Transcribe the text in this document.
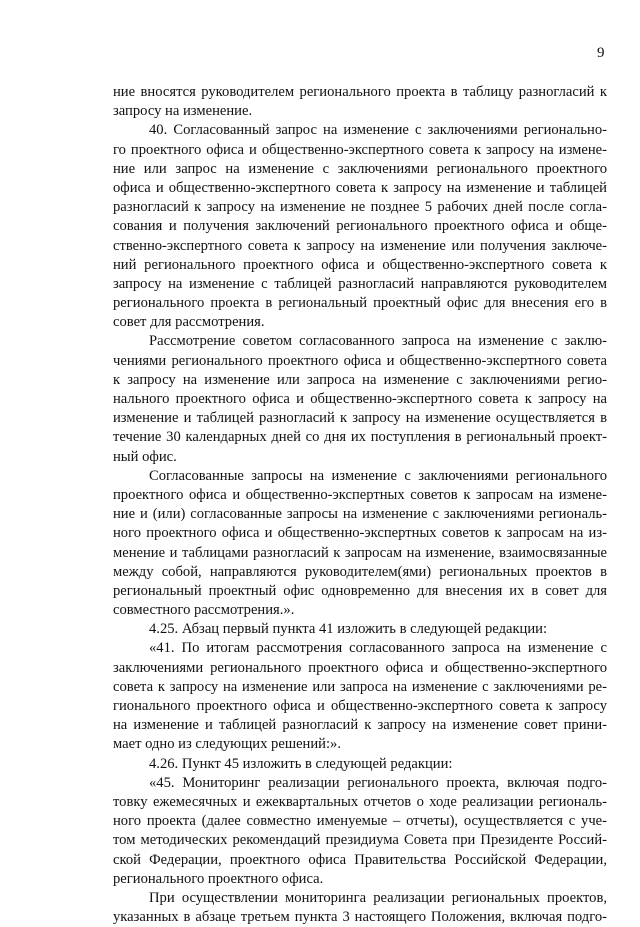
9
ние вносятся руководителем регионального проекта в таблицу разногласий к
запросу на изменение.
40. Согласованный запрос на изменение с заключениями регионально-
го проектного офиса и общественно-экспертного совета к запросу на измене-
ние или запрос на изменение с заключениями регионального проектного
офиса и общественно-экспертного совета к запросу на изменение и таблицей
разногласий к запросу на изменение не позднее 5 рабочих дней после согла-
сования и получения заключений регионального проектного офиса и обще-
ственно-экспертного совета к запросу на изменение или получения заключе-
ний регионального проектного офиса и общественно-экспертного совета к
запросу на изменение с таблицей разногласий направляются руководителем
регионального проекта в региональный проектный офис для внесения его в
совет для рассмотрения.
Рассмотрение советом согласованного запроса на изменение с заклю-
чениями регионального проектного офиса и общественно-экспертного совета
к запросу на изменение или запроса на изменение с заключениями регио-
нального проектного офиса и общественно-экспертного совета к запросу на
изменение и таблицей разногласий к запросу на изменение осуществляется в
течение 30 календарных дней со дня их поступления в региональный проект-
ный офис.
Согласованные запросы на изменение с заключениями регионального
проектного офиса и общественно-экспертных советов к запросам на измене-
ние и (или) согласованные запросы на изменение с заключениями региональ-
ного проектного офиса и общественно-экспертных советов к запросам на из-
менение и таблицами разногласий к запросам на изменение, взаимосвязанные
между собой, направляются руководителем(ями) региональных проектов в
региональный проектный офис одновременно для внесения их в совет для
совместного рассмотрения.».
4.25. Абзац первый пункта 41 изложить в следующей редакции:
«41. По итогам рассмотрения согласованного запроса на изменение с
заключениями регионального проектного офиса и общественно-экспертного
совета к запросу на изменение или запроса на изменение с заключениями ре-
гионального проектного офиса и общественно-экспертного совета к запросу
на изменение и таблицей разногласий к запросу на изменение совет прини-
мает одно из следующих решений:».
4.26. Пункт 45 изложить в следующей редакции:
«45. Мониторинг реализации регионального проекта, включая подго-
товку ежемесячных и ежеквартальных отчетов о ходе реализации региональ-
ного проекта (далее совместно именуемые – отчеты), осуществляется с уче-
том методических рекомендаций президиума Совета при Президенте Россий-
ской Федерации, проектного офиса Правительства Российской Федерации,
регионального проектного офиса.
При осуществлении мониторинга реализации региональных проектов,
указанных в абзаце третьем пункта 3 настоящего Положения, включая подго-
